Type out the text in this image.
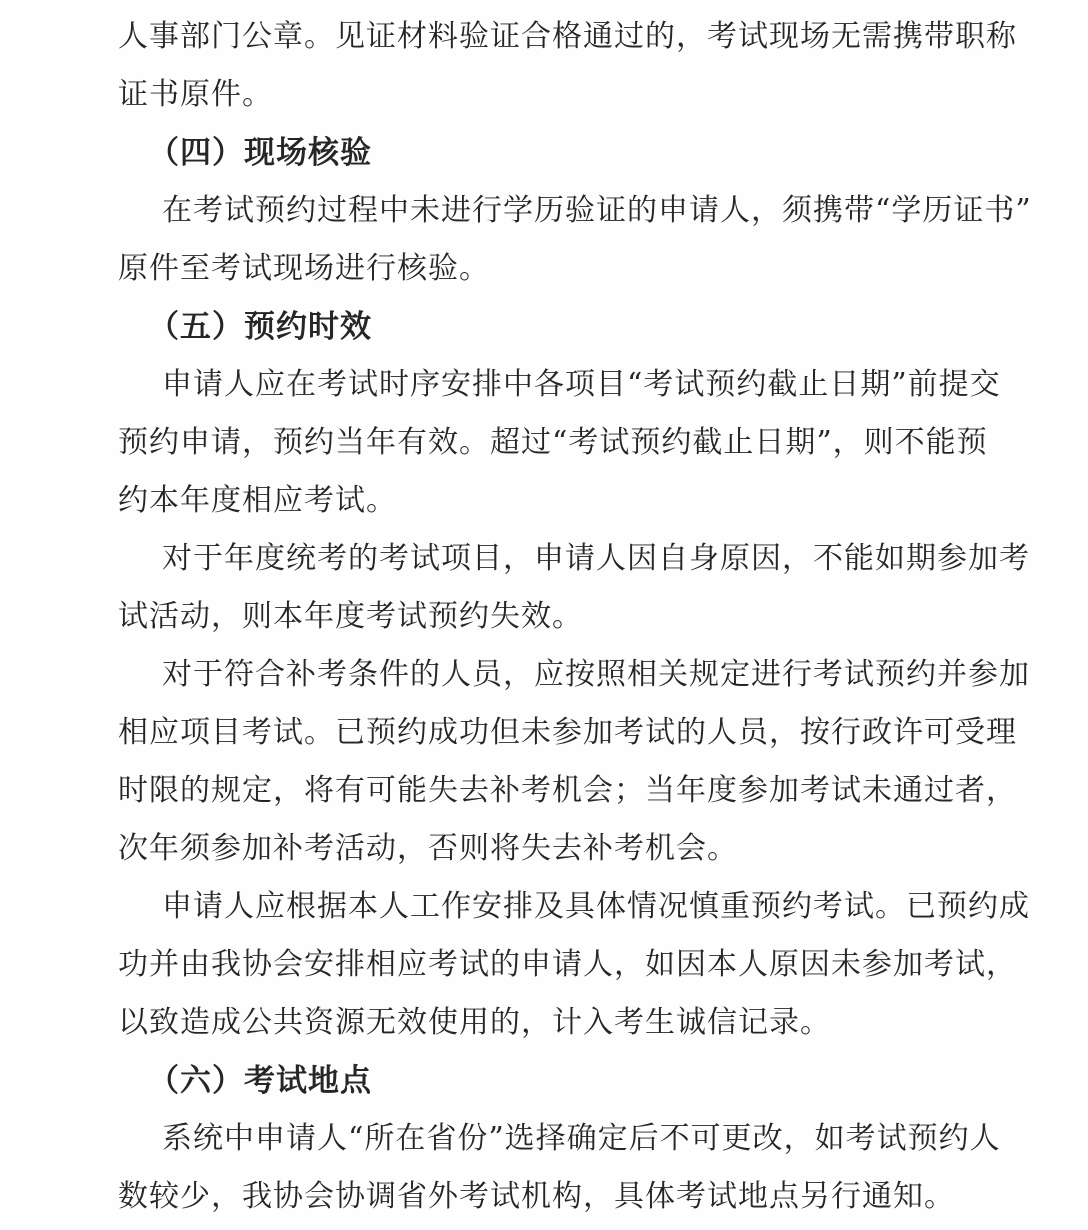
人事部门公章。见证材料验证合格通过的，考试现场无需携带职称
证书原件。
（四）现场核验
在考试预约过程中未进行学历验证的申请人，须携带“学历证书”
原件至考试现场进行核验。
（五）预约时效
申请人应在考试时序安排中各项目“考试预约截止日期”前提交
预约申请，预约当年有效。超过“考试预约截止日期”，则不能预
约本年度相应考试。
对于年度统考的考试项目，申请人因自身原因，不能如期参加考
试活动，则本年度考试预约失效。
对于符合补考条件的人员，应按照相关规定进行考试预约并参加
相应项目考试。已预约成功但未参加考试的人员，按行政许可受理
时限的规定，将有可能失去补考机会；当年度参加考试未通过者，
次年须参加补考活动，否则将失去补考机会。
申请人应根据本人工作安排及具体情况慎重预约考试。已预约成
功并由我协会安排相应考试的申请人，如因本人原因未参加考试，
以致造成公共资源无效使用的，计入考生诚信记录。
（六）考试地点
系统中申请人“所在省份”选择确定后不可更改，如考试预约人
数较少，我协会协调省外考试机构，具体考试地点另行通知。
